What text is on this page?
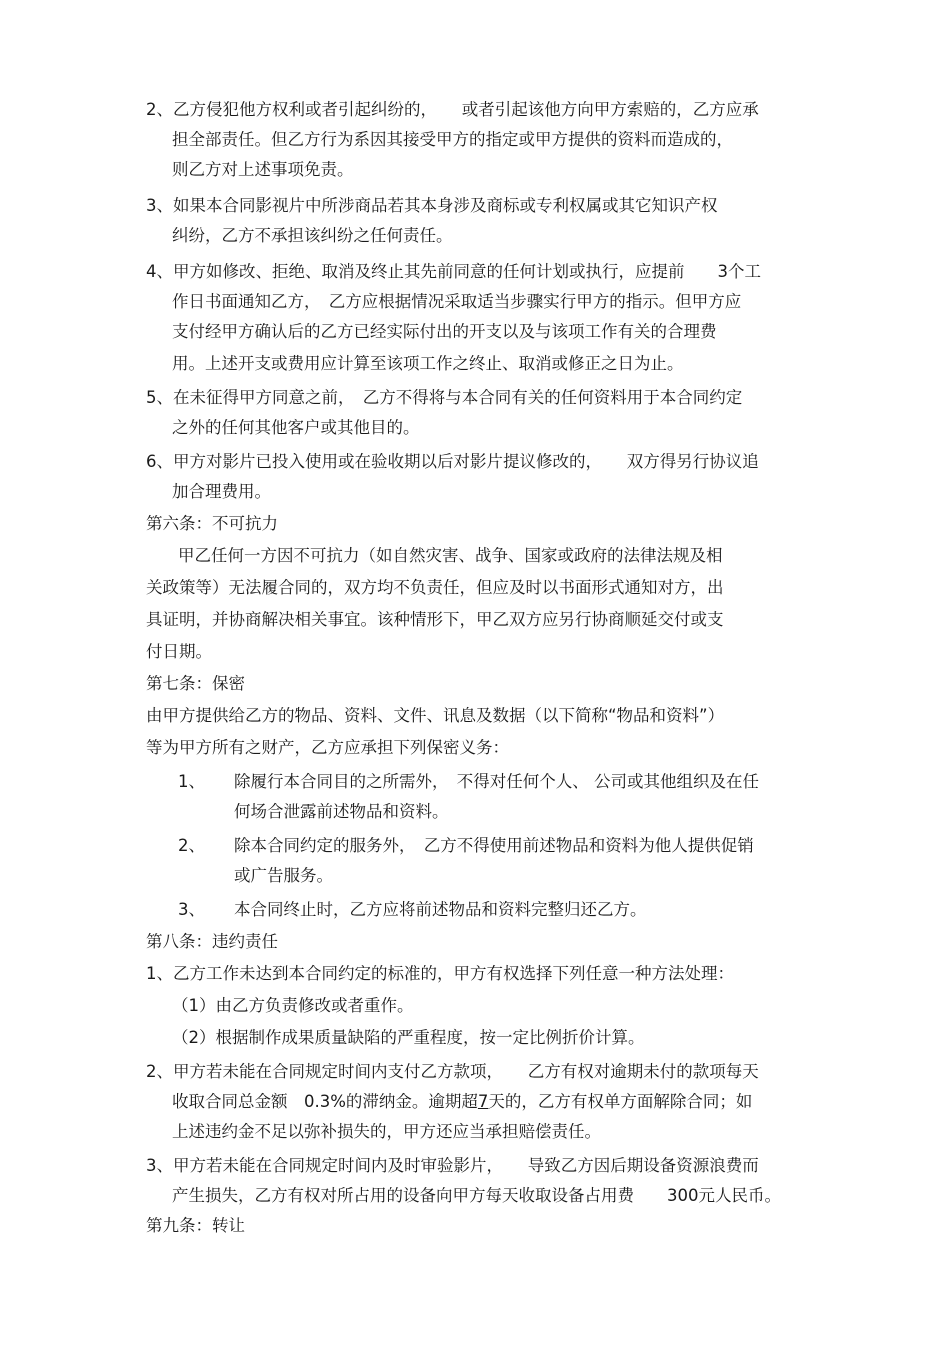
2、乙方侵犯他方权利或者引起纠纷的，　　或者引起该他方向甲方索赔的，乙方应承
担全部责任。但乙方行为系因其接受甲方的指定或甲方提供的资料而造成的，
则乙方对上述事项免责。
3、如果本合同影视片中所涉商品若其本身涉及商标或专利权属或其它知识产权
纠纷，乙方不承担该纠纷之任何责任。
4、甲方如修改、拒绝、取消及终止其先前同意的任何计划或执行，应提前　　3个工
作日书面通知乙方，　乙方应根据情况采取适当步骤实行甲方的指示。但甲方应
支付经甲方确认后的乙方已经实际付出的开支以及与该项工作有关的合理费
用。上述开支或费用应计算至该项工作之终止、取消或修正之日为止。
5、在未征得甲方同意之前，　乙方不得将与本合同有关的任何资料用于本合同约定
之外的任何其他客户或其他目的。
6、甲方对影片已投入使用或在验收期以后对影片提议修改的，　　双方得另行协议追
加合理费用。
第六条：不可抗力
甲乙任何一方因不可抗力（如自然灾害、战争、国家或政府的法律法规及相
关政策等）无法履合同的，双方均不负责任，但应及时以书面形式通知对方，出
具证明，并协商解决相关事宜。该种情形下，甲乙双方应另行协商顺延交付或支
付日期。
第七条：保密
由甲方提供给乙方的物品、资料、文件、讯息及数据（以下简称“物品和资料”）
等为甲方所有之财产，乙方应承担下列保密义务：
1、 除履行本合同目的之所需外，　不得对任何个人、 公司或其他组织及在任
何场合泄露前述物品和资料。
2、 除本合同约定的服务外，　乙方不得使用前述物品和资料为他人提供促销
或广告服务。
3、 本合同终止时，乙方应将前述物品和资料完整归还乙方。
第八条：违约责任
1、乙方工作未达到本合同约定的标准的，甲方有权选择下列任意一种方法处理：
（1）由乙方负责修改或者重作。
（2）根据制作成果质量缺陷的严重程度，按一定比例折价计算。
2、甲方若未能在合同规定时间内支付乙方款项，　　乙方有权对逾期未付的款项每天
收取合同总金额　0.3%的滞纳金。逾期超7天的，乙方有权单方面解除合同；如
上述违约金不足以弥补损失的，甲方还应当承担赔偿责任。
3、甲方若未能在合同规定时间内及时审验影片，　　导致乙方因后期设备资源浪费而
产生损失，乙方有权对所占用的设备向甲方每天收取设备占用费　　300元人民币。
第九条：转让
